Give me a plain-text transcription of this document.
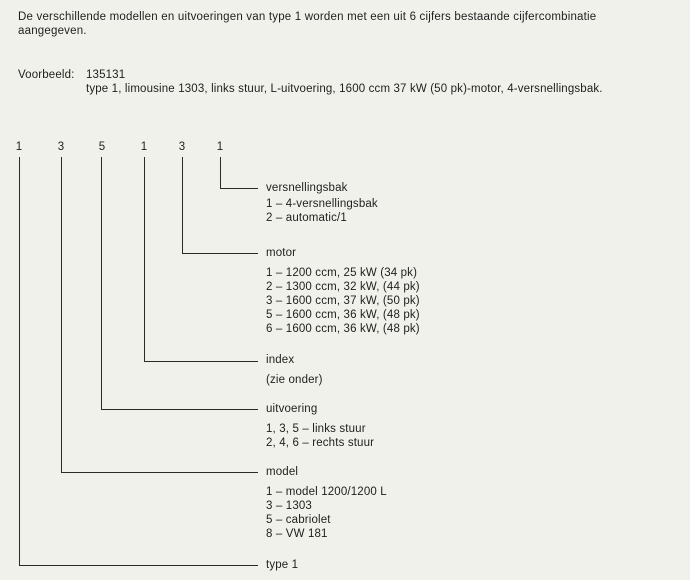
De verschillende modellen en uitvoeringen van type 1 worden met een uit 6 cijfers bestaande cijfercombinatie
aangegeven.
Voorbeeld: 135131
type 1, limousine 1303, links stuur, L-uitvoering, 1600 ccm 37 kW (50 pk)-motor, 4-versnellingsbak.
1	3	5	1	3	1
versnellingsbak
1 – 4-versnellingsbak
2 – automatic/1
motor
1 – 1200 ccm, 25 kW (34 pk)
2 – 1300 ccm, 32 kW, (44 pk)
3 – 1600 ccm, 37 kW, (50 pk)
5 – 1600 ccm, 36 kW, (48 pk)
6 – 1600 ccm, 36 kW, (48 pk)
index
(zie onder)
uitvoering
1, 3, 5 – links stuur
2, 4, 6 – rechts stuur
model
1 – model 1200/1200 L
3 – 1303
5 – cabriolet
8 – VW 181
type 1
